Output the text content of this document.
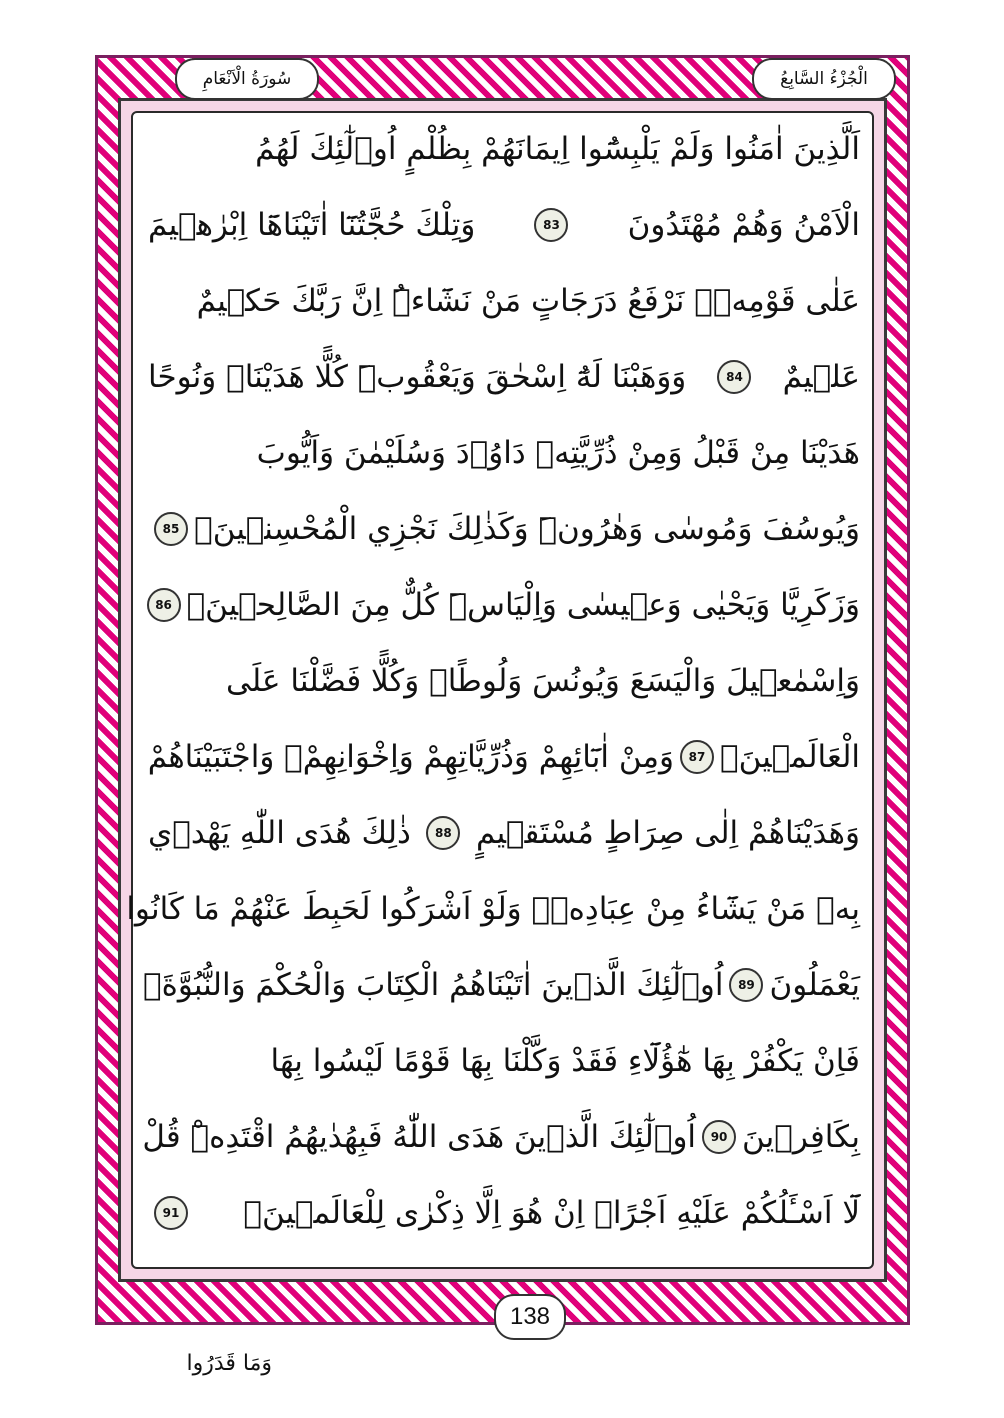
الْجُزْءُ السَّابِعُ
سُورَةُ الْاَنْعَامِ
اَلَّذِينَ اٰمَنُوا وَلَمْ يَلْبِسُٓوا اِيمَانَهُمْ بِظُلْمٍ اُو۬لٰٓئِكَ لَهُمُ
الْاَمْنُ وَهُمْ مُهْتَدُونَ
83
وَتِلْكَ حُجَّتُنَٓا اٰتَيْنَاهَٓا اِبْرٰهٖيمَ
عَلٰى قَوْمِهٖۜ نَرْفَعُ دَرَجَاتٍ مَنْ نَشَٓاءُۜ اِنَّ رَبَّكَ حَكٖيمٌ
عَلٖيمٌ
84
وَوَهَبْنَا لَهُٓ اِسْحٰقَ وَيَعْقُوبَۜ كُلًّا هَدَيْنَاۚ وَنُوحًا
هَدَيْنَا مِنْ قَبْلُ وَمِنْ ذُرِّيَّتِهٖ دَاوُ۫دَ وَسُلَيْمٰنَ وَاَيُّوبَ
وَيُوسُفَ وَمُوسٰى وَهٰرُونَۜ وَكَذٰلِكَ نَجْزِي الْمُحْسِنٖينَۙ
85
وَزَكَرِيَّا وَيَحْيٰى وَعٖيسٰى وَاِلْيَاسَۜ كُلٌّ مِنَ الصَّالِحٖينَۙ
86
وَاِسْمٰعٖيلَ وَالْيَسَعَ وَيُونُسَ وَلُوطًاۜ وَكُلًّا فَضَّلْنَا عَلَى
الْعَالَمٖينَۙ
87
وَمِنْ اٰبَٓائِهِمْ وَذُرِّيَّاتِهِمْ وَاِخْوَانِهِمْۚ وَاجْتَبَيْنَاهُمْ
وَهَدَيْنَاهُمْ اِلٰى صِرَاطٍ مُسْتَقٖيمٍ
88
ذٰلِكَ هُدَى اللّٰهِ يَهْدٖي
بِهٖ مَنْ يَشَٓاءُ مِنْ عِبَادِهٖۜ وَلَوْ اَشْرَكُوا لَحَبِطَ عَنْهُمْ مَا كَانُوا
يَعْمَلُونَ
89
اُو۬لٰٓئِكَ الَّذٖينَ اٰتَيْنَاهُمُ الْكِتَابَ وَالْحُكْمَ وَالنُّبُوَّةَۚ
فَاِنْ يَكْفُرْ بِهَا هٰٓؤُلَٓاءِ فَقَدْ وَكَّلْنَا بِهَا قَوْمًا لَيْسُوا بِهَا
بِكَافِرٖينَ
90
اُو۬لٰٓئِكَ الَّذٖينَ هَدَى اللّٰهُ فَبِهُدٰيهُمُ اقْتَدِهْۜ قُلْ
لَٓا اَسْـَٔلُكُمْ عَلَيْهِ اَجْرًاۜ اِنْ هُوَ اِلَّا ذِكْرٰى لِلْعَالَمٖينَ۟
91
138
وَمَا قَدَرُوا
